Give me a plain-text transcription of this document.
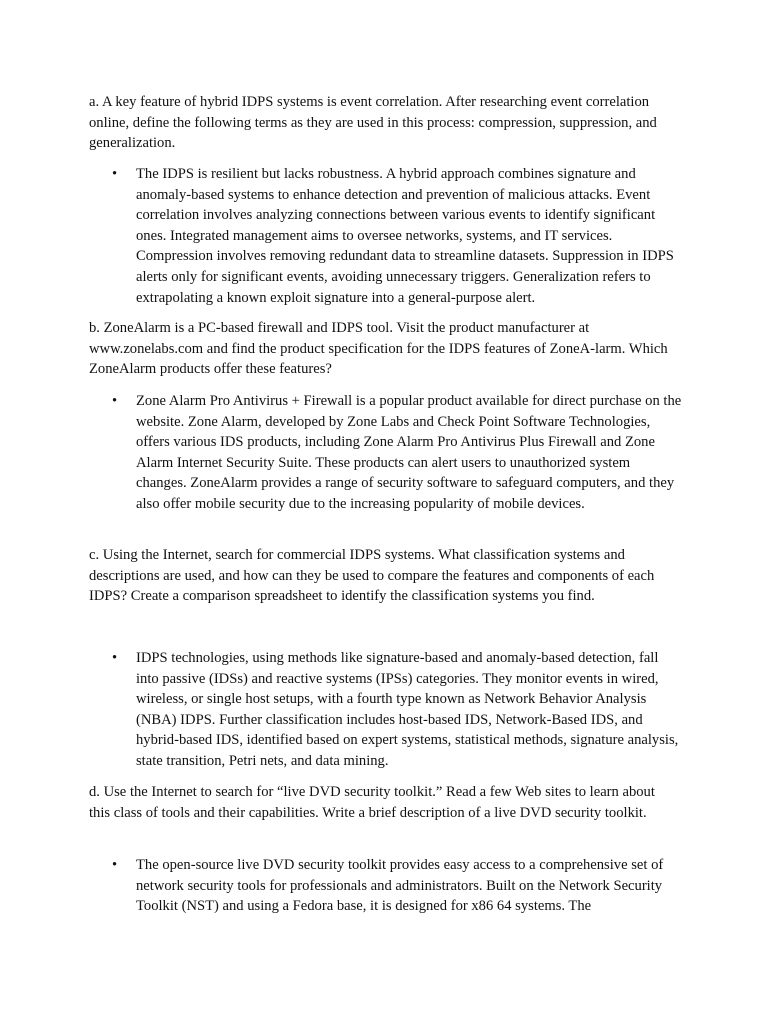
a. A key feature of hybrid IDPS systems is event correlation. After researching event correlation online, define the following terms as they are used in this process: compression, suppression, and generalization.

• The IDPS is resilient but lacks robustness. A hybrid approach combines signature and anomaly-based systems to enhance detection and prevention of malicious attacks. Event correlation involves analyzing connections between various events to identify significant ones. Integrated management aims to oversee networks, systems, and IT services. Compression involves removing redundant data to streamline datasets. Suppression in IDPS alerts only for significant events, avoiding unnecessary triggers. Generalization refers to extrapolating a known exploit signature into a general-purpose alert.

b. ZoneAlarm is a PC-based firewall and IDPS tool. Visit the product manufacturer at www.zonelabs.com and find the product specification for the IDPS features of ZoneA-larm. Which ZoneAlarm products offer these features?

• Zone Alarm Pro Antivirus + Firewall is a popular product available for direct purchase on the website. Zone Alarm, developed by Zone Labs and Check Point Software Technologies, offers various IDS products, including Zone Alarm Pro Antivirus Plus Firewall and Zone Alarm Internet Security Suite. These products can alert users to unauthorized system changes. ZoneAlarm provides a range of security software to safeguard computers, and they also offer mobile security due to the increasing popularity of mobile devices.

c. Using the Internet, search for commercial IDPS systems. What classification systems and descriptions are used, and how can they be used to compare the features and components of each IDPS? Create a comparison spreadsheet to identify the classification systems you find.

• IDPS technologies, using methods like signature-based and anomaly-based detection, fall into passive (IDSs) and reactive systems (IPSs) categories. They monitor events in wired, wireless, or single host setups, with a fourth type known as Network Behavior Analysis (NBA) IDPS. Further classification includes host-based IDS, Network-Based IDS, and hybrid-based IDS, identified based on expert systems, statistical methods, signature analysis, state transition, Petri nets, and data mining.

d. Use the Internet to search for “live DVD security toolkit.” Read a few Web sites to learn about this class of tools and their capabilities. Write a brief description of a live DVD security toolkit.

• The open-source live DVD security toolkit provides easy access to a comprehensive set of network security tools for professionals and administrators. Built on the Network Security Toolkit (NST) and using a Fedora base, it is designed for x86 64 systems. The
